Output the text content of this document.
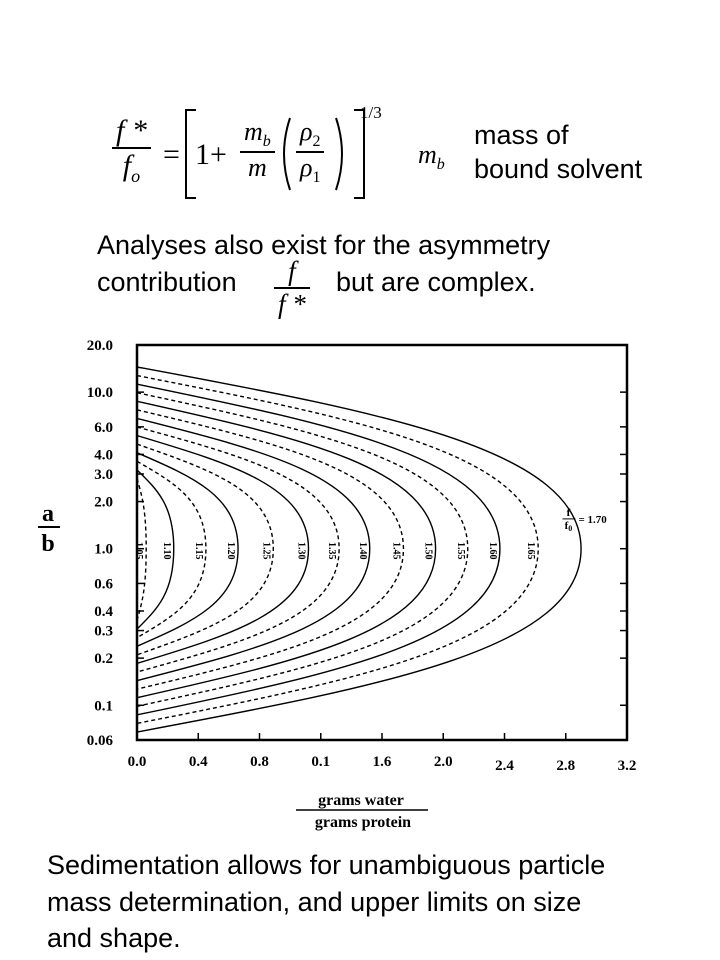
$\frac{f *}{f_o} = 1+ \frac{m_b}{m} \frac{\rho_2}{\rho_1}$
1/3
$m_b$
mass of
bound solvent
Analyses also exist for the asymmetry
contribution $\frac{f}{f *}$ but are complex.
20.0
10.0
6.0
4.0
3.0
2.0
1.0
0.6
0.4
0.3
0.2
0.1
0.06
0.0	0.4	0.8	0.1	1.6	2.0	2.4	2.8	3.2
1.05 1.10 1.15 1.20 1.25 1.30 1.35 1.40 1.45 1.50 1.55 1.60	1.65
f
f0
= 1.70
a
b
grams water
grams protein
Sedimentation allows for unambiguous particle
mass determination, and upper limits on size
and shape.
